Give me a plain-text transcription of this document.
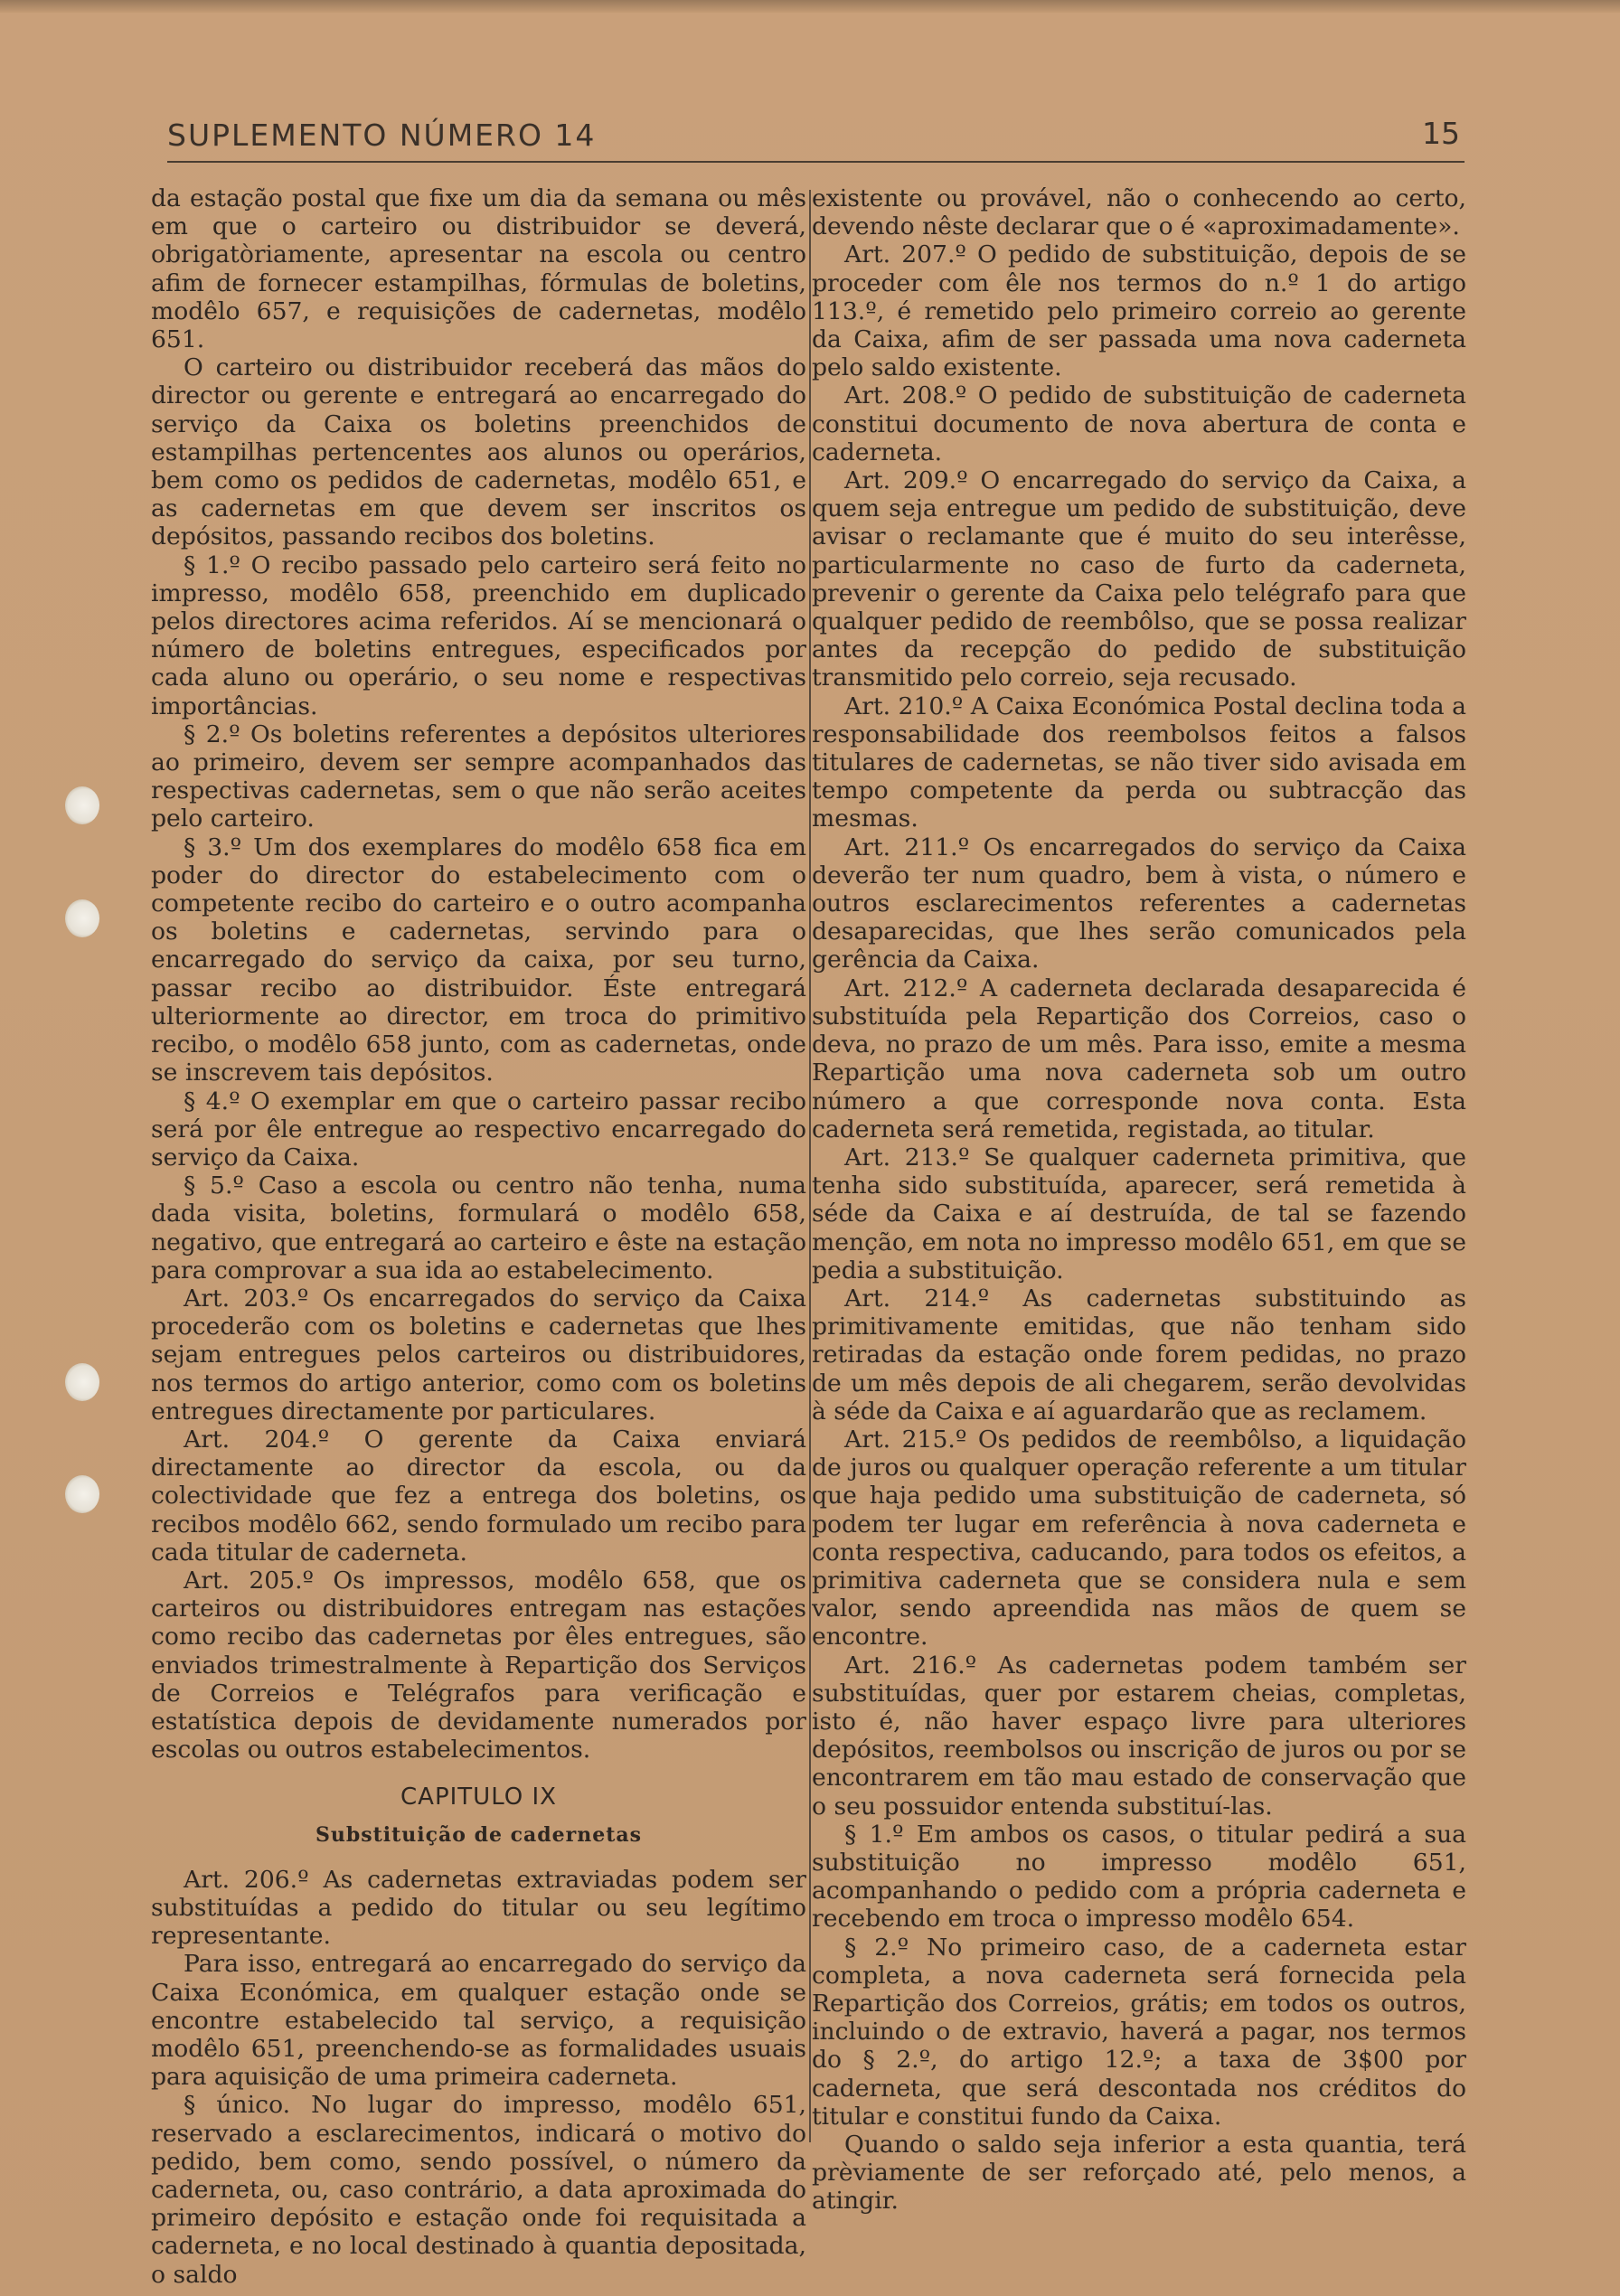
SUPLEMENTO NÚMERO 14	15

da estação postal que fixe um dia da semana ou mês em que o carteiro ou distribuidor se deverá, obrigatòriamente, apresentar na escola ou centro afim de fornecer estampilhas, fórmulas de boletins, modêlo 657, e requisições de cadernetas, modêlo 651.

O carteiro ou distribuidor receberá das mãos do director ou gerente e entregará ao encarregado do serviço da Caixa os boletins preenchidos de estampilhas pertencentes aos alunos ou operários, bem como os pedidos de cadernetas, modêlo 651, e as cadernetas em que devem ser inscritos os depósitos, passando recibos dos boletins.

§ 1.º O recibo passado pelo carteiro será feito no impresso, modêlo 658, preenchido em duplicado pelos directores acima referidos. Aí se mencionará o número de boletins entregues, especificados por cada aluno ou operário, o seu nome e respectivas importâncias.

§ 2.º Os boletins referentes a depósitos ulteriores ao primeiro, devem ser sempre acompanhados das respectivas cadernetas, sem o que não serão aceites pelo carteiro.

§ 3.º Um dos exemplares do modêlo 658 fica em poder do director do estabelecimento com o competente recibo do carteiro e o outro acompanha os boletins e cadernetas, servindo para o encarregado do serviço da caixa, por seu turno, passar recibo ao distribuidor. Éste entregará ulteriormente ao director, em troca do primitivo recibo, o modêlo 658 junto, com as cadernetas, onde se inscrevem tais depósitos.

§ 4.º O exemplar em que o carteiro passar recibo será por êle entregue ao respectivo encarregado do serviço da Caixa.

§ 5.º Caso a escola ou centro não tenha, numa dada visita, boletins, formulará o modêlo 658, negativo, que entregará ao carteiro e êste na estação para comprovar a sua ida ao estabelecimento.

Art. 203.º Os encarregados do serviço da Caixa procederão com os boletins e cadernetas que lhes sejam entregues pelos carteiros ou distribuidores, nos termos do artigo anterior, como com os boletins entregues directamente por particulares.

Art. 204.º O gerente da Caixa enviará directamente ao director da escola, ou da colectividade que fez a entrega dos boletins, os recibos modêlo 662, sendo formulado um recibo para cada titular de caderneta.

Art. 205.º Os impressos, modêlo 658, que os carteiros ou distribuidores entregam nas estações como recibo das cadernetas por êles entregues, são enviados trimestralmente à Repartição dos Serviços de Correios e Telégrafos para verificação e estatística depois de devidamente numerados por escolas ou outros estabelecimentos.

CAPITULO IX
Substituição de cadernetas

Art. 206.º As cadernetas extraviadas podem ser substituídas a pedido do titular ou seu legítimo representante.

Para isso, entregará ao encarregado do serviço da Caixa Económica, em qualquer estação onde se encontre estabelecido tal serviço, a requisição modêlo 651, preenchendo-se as formalidades usuais para aquisição de uma primeira caderneta.

§ único. No lugar do impresso, modêlo 651, reservado a esclarecimentos, indicará o motivo do pedido, bem como, sendo possível, o número da caderneta, ou, caso contrário, a data aproximada do primeiro depósito e estação onde foi requisitada a caderneta, e no local destinado à quantia depositada, o saldo

existente ou provável, não o conhecendo ao certo, devendo nêste declarar que o é «aproximadamente».

Art. 207.º O pedido de substituição, depois de se proceder com êle nos termos do n.º 1 do artigo 113.º, é remetido pelo primeiro correio ao gerente da Caixa, afim de ser passada uma nova caderneta pelo saldo existente.

Art. 208.º O pedido de substituição de caderneta constitui documento de nova abertura de conta e caderneta.

Art. 209.º O encarregado do serviço da Caixa, a quem seja entregue um pedido de substituição, deve avisar o reclamante que é muito do seu interêsse, particularmente no caso de furto da caderneta, prevenir o gerente da Caixa pelo telégrafo para que qualquer pedido de reembôlso, que se possa realizar antes da recepção do pedido de substituição transmitido pelo correio, seja recusado.

Art. 210.º A Caixa Económica Postal declina toda a responsabilidade dos reembolsos feitos a falsos titulares de cadernetas, se não tiver sido avisada em tempo competente da perda ou subtracção das mesmas.

Art. 211.º Os encarregados do serviço da Caixa deverão ter num quadro, bem à vista, o número e outros esclarecimentos referentes a cadernetas desaparecidas, que lhes serão comunicados pela gerência da Caixa.

Art. 212.º A caderneta declarada desaparecida é substituída pela Repartição dos Correios, caso o deva, no prazo de um mês. Para isso, emite a mesma Repartição uma nova caderneta sob um outro número a que corresponde nova conta. Esta caderneta será remetida, registada, ao titular.

Art. 213.º Se qualquer caderneta primitiva, que tenha sido substituída, aparecer, será remetida à séde da Caixa e aí destruída, de tal se fazendo menção, em nota no impresso modêlo 651, em que se pedia a substituição.

Art. 214.º As cadernetas substituindo as primitivamente emitidas, que não tenham sido retiradas da estação onde forem pedidas, no prazo de um mês depois de ali chegarem, serão devolvidas à séde da Caixa e aí aguardarão que as reclamem.

Art. 215.º Os pedidos de reembôlso, a liquidação de juros ou qualquer operação referente a um titular que haja pedido uma substituição de caderneta, só podem ter lugar em referência à nova caderneta e conta respectiva, caducando, para todos os efeitos, a primitiva caderneta que se considera nula e sem valor, sendo apreendida nas mãos de quem se encontre.

Art. 216.º As cadernetas podem também ser substituídas, quer por estarem cheias, completas, isto é, não haver espaço livre para ulteriores depósitos, reembolsos ou inscrição de juros ou por se encontrarem em tão mau estado de conservação que o seu possuidor entenda substituí-las.

§ 1.º Em ambos os casos, o titular pedirá a sua substituição no impresso modêlo 651, acompanhando o pedido com a própria caderneta e recebendo em troca o impresso modêlo 654.

§ 2.º No primeiro caso, de a caderneta estar completa, a nova caderneta será fornecida pela Repartição dos Correios, grátis; em todos os outros, incluindo o de extravio, haverá a pagar, nos termos do § 2.º, do artigo 12.º; a taxa de 3$00 por caderneta, que será descontada nos créditos do titular e constitui fundo da Caixa.

Quando o saldo seja inferior a esta quantia, terá prèviamente de ser reforçado até, pelo menos, a atingir.
